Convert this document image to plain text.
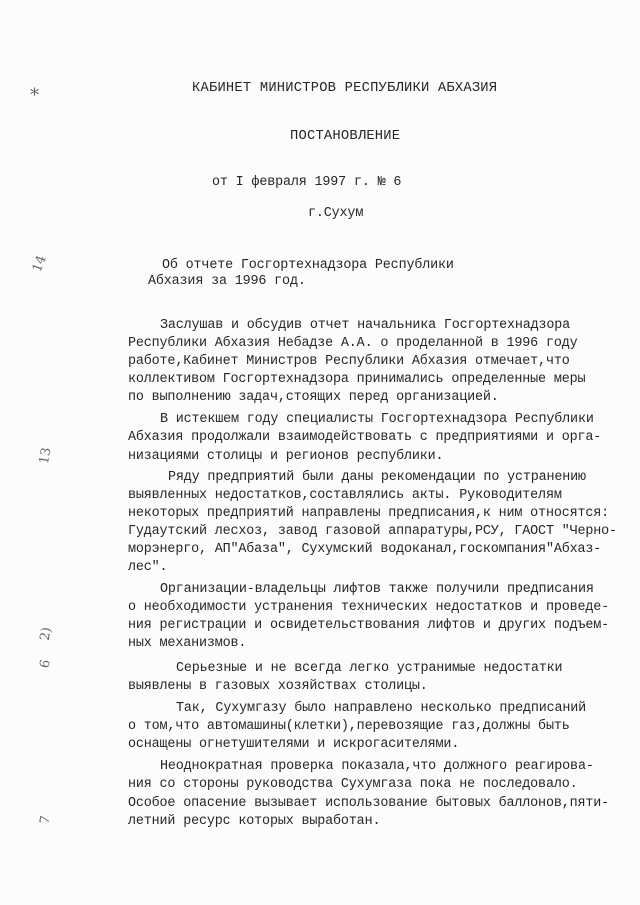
КАБИНЕТ МИНИСТРОВ РЕСПУБЛИКИ АБХАЗИЯ
ПОСТАНОВЛЕНИЕ
от I февраля 1997 г. № 6
г.Сухум
Об отчете Госгортехнадзора Республики
Абхазия за 1996 год.
Заслушав и обсудив отчет начальника Госгортехнадзора
Республики Абхазия Небадзе А.А. о проделанной в 1996 году
работе,Кабинет Министров Республики Абхазия отмечает,что
коллективом Госгортехнадзора принимались определенные меры
по выполнению задач,стоящих перед организацией.
В истекшем году специалисты Госгортехнадзора Республики
Абхазия продолжали взаимодействовать с предприятиями и орга-
низациями столицы и регионов республики.
Ряду предприятий были даны рекомендации по устранению
выявленных недостатков,составлялись акты. Руководителям
некоторых предприятий направлены предписания,к ним относятся:
Гудаутский лесхоз, завод газовой аппаратуры,РСУ, ГАОСТ "Черно-
морэнерго, АП"Абаза", Сухумский водоканал,госкомпания"Абхаз-
лес".
Организации-владельцы лифтов также получили предписания
о необходимости устранения технических недостатков и проведе-
ния регистрации и освидетельствования лифтов и других подъем-
ных механизмов.
Серьезные и не всегда легко устранимые недостатки
выявлены в газовых хозяйствах столицы.
Так, Сухумгазу было направлено несколько предписаний
о том,что автомашины(клетки),перевозящие газ,должны быть
оснащены огнетушителями и искрогасителями.
Неоднократная проверка показала,что должного реагирова-
ния со стороны руководства Сухумгаза пока не последовало.
Особое опасение вызывает использование бытовых баллонов,пяти-
летний ресурс которых выработан.
*
14
13
2)
6
7
